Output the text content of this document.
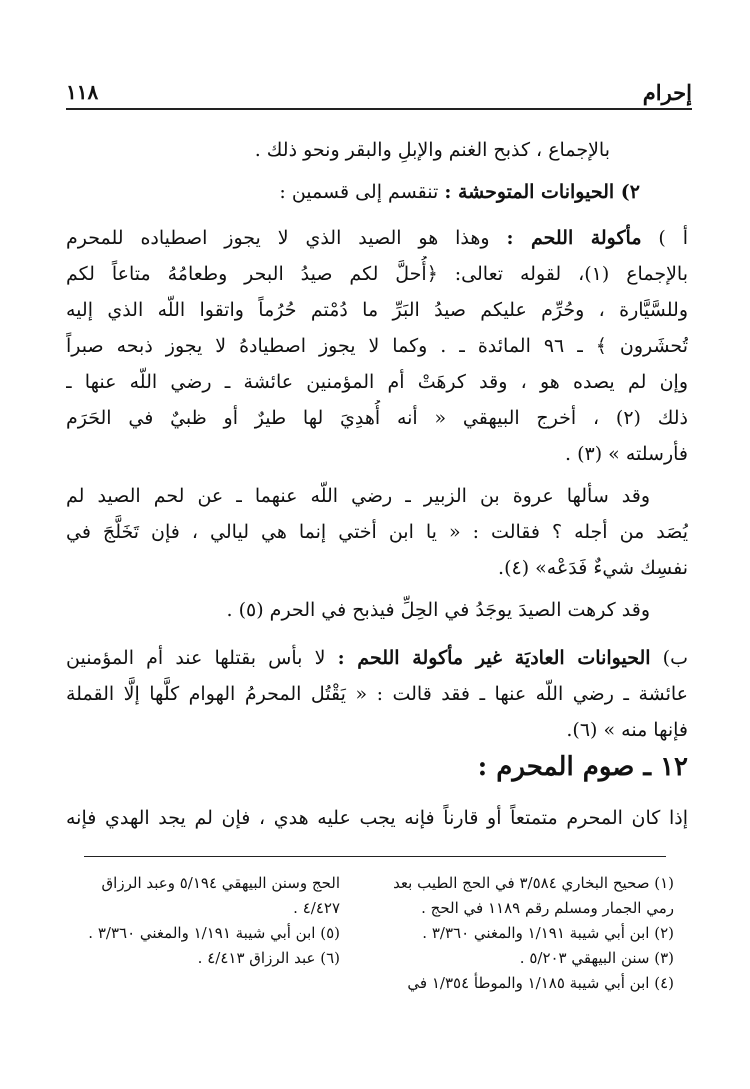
إحرام
١١٨
بالإجماع ، كذبح الغنم والإبلِ والبقر ونحو ذلك .
٢) الحيوانات المتوحشة : تنقسم إلى قسمين :
أ ) مأكولة اللحم : وهذا هو الصيد الذي لا يجوز اصطياده للمحرم
بالإجماع (١)، لقوله تعالى: ﴿أُحلَّ لكم صيدُ البحر وطعامُهُ متاعاً لكم
وللسَّيَّارة ، وحُرِّم عليكم صيدُ البَرِّ ما دُمْتم حُرُماً واتقوا اللّه الذي إليه
تُحشَرون ﴾ ـ ٩٦ المائدة ـ . وكما لا يجوز اصطيادهُ لا يجوز ذبحه صبراً
وإن لم يصده هو ، وقد كرهَتْ أم المؤمنين عائشة ـ رضي اللّه عنها ـ
ذلك (٢) ، أخرج البيهقي « أنه أُهدِيَ لها طيرٌ أو ظبيٌ في الحَرَم
فأرسلته » (٣) .
وقد سألها عروة بن الزبير ـ رضي اللّه عنهما ـ عن لحم الصيد لم
يُصَد من أجله ؟ فقالت : « يا ابن أختي إنما هي ليالي ، فإن تَخَلَّجَ في
نفسِك شيءٌ فَدَعْه» (٤).
وقد كرهت الصيدَ يوجَدُ في الحِلِّ فيذبح في الحرم (٥) .
ب) الحيوانات العاديَة غير مأكولة اللحم : لا بأس بقتلها عند أم المؤمنين
عائشة ـ رضي اللّه عنها ـ فقد قالت : « يَقْتُل المحرمُ الهوام كلَّها إلَّا القملة
فإنها منه » (٦).
١٢ ـ صوم المحرم :
إذا كان المحرم متمتعاً أو قارناً فإنه يجب عليه هدي ، فإن لم يجد الهدي فإنه
(١) صحيح البخاري ٣/٥٨٤ في الحج الطيب بعد
رمي الجمار ومسلم رقم ١١٨٩ في الحج .
(٢) ابن أبي شيبة ١/١٩١ والمغني ٣/٣٦٠ .
(٣) سنن البيهقي ٥/٢٠٣ .
(٤) ابن أبي شيبة ١/١٨٥ والموطأ ١/٣٥٤ في
الحج وسنن البيهقي ٥/١٩٤ وعبد الرزاق
٤/٤٢٧ .
(٥) ابن أبي شيبة ١/١٩١ والمغني ٣/٣٦٠ .
(٦) عبد الرزاق ٤/٤١٣ .
